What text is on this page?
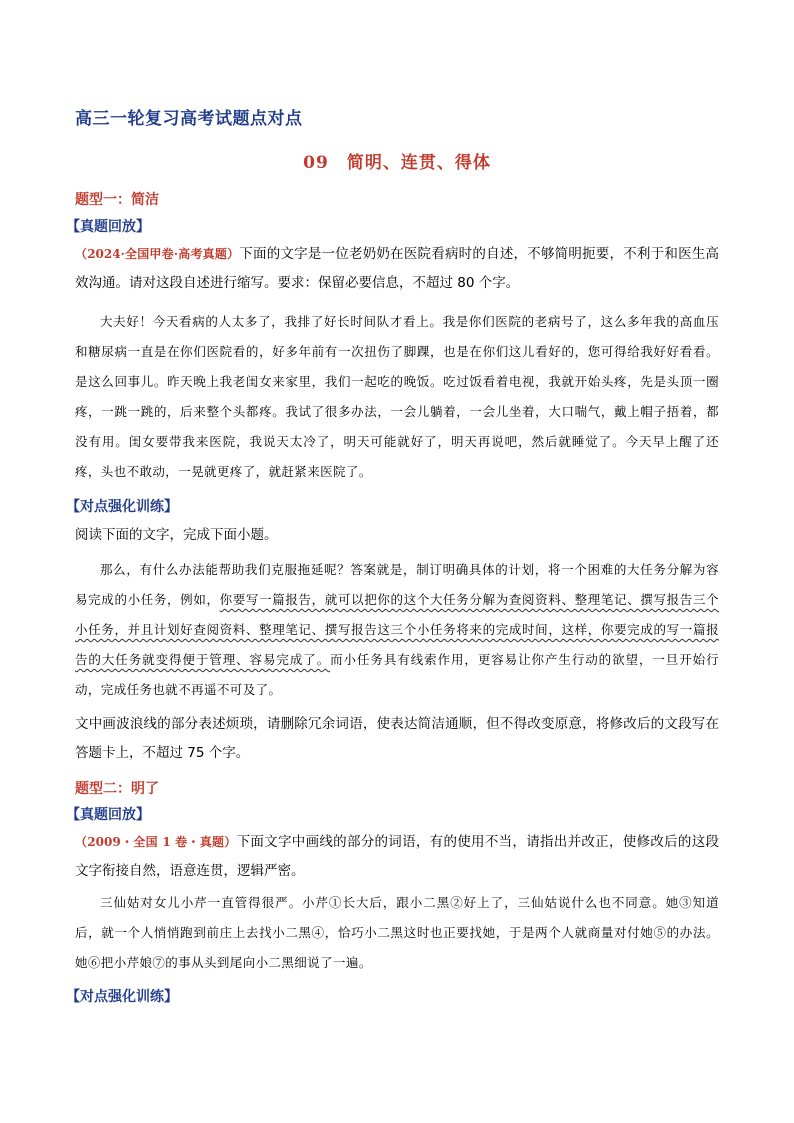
高三一轮复习高考试题点对点
09　简明、连贯、得体
题型一：简洁
【真题回放】
（2024·全国甲卷·高考真题）下面的文字是一位老奶奶在医院看病时的自述，不够简明扼要，不利于和医生高效沟通。请对这段自述进行缩写。要求：保留必要信息，不超过 80 个字。
大夫好！今天看病的人太多了，我排了好长时间队才看上。我是你们医院的老病号了，这么多年我的高血压和糖尿病一直是在你们医院看的，好多年前有一次扭伤了脚踝，也是在你们这儿看好的，您可得给我好好看看。是这么回事儿。昨天晚上我老闺女来家里，我们一起吃的晚饭。吃过饭看着电视，我就开始头疼，先是头顶一圈疼，一跳一跳的，后来整个头都疼。我试了很多办法，一会儿躺着，一会儿坐着，大口喘气，戴上帽子捂着，都没有用。闺女要带我来医院，我说天太冷了，明天可能就好了，明天再说吧，然后就睡觉了。今天早上醒了还疼，头也不敢动，一晃就更疼了，就赶紧来医院了。
【对点强化训练】
阅读下面的文字，完成下面小题。
那么，有什么办法能帮助我们克服拖延呢？答案就是，制订明确具体的计划，将一个困难的大任务分解为容易完成的小任务，例如，你要写一篇报告，就可以把你的这个大任务分解为查阅资料、整理笔记、撰写报告三个小任务，并且计划好查阅资料、整理笔记、撰写报告这三个小任务将来的完成时间，这样，你要完成的写一篇报告的大任务就变得便于管理、容易完成了。而小任务具有线索作用，更容易让你产生行动的欲望，一旦开始行动，完成任务也就不再遥不可及了。
文中画波浪线的部分表述烦琐，请删除冗余词语，使表达简洁通顺，但不得改变原意，将修改后的文段写在答题卡上，不超过 75 个字。
题型二：明了
【真题回放】
（2009・全国 1 卷・真题）下面文字中画线的部分的词语，有的使用不当，请指出并改正，使修改后的这段文字衔接自然，语意连贯，逻辑严密。
三仙姑对女儿小芹一直管得很严。小芹①长大后，跟小二黑②好上了，三仙姑说什么也不同意。她③知道后，就一个人悄悄跑到前庄上去找小二黑④，恰巧小二黑这时也正要找她，于是两个人就商量对付她⑤的办法。她⑥把小芹娘⑦的事从头到尾向小二黑细说了一遍。
【对点强化训练】
